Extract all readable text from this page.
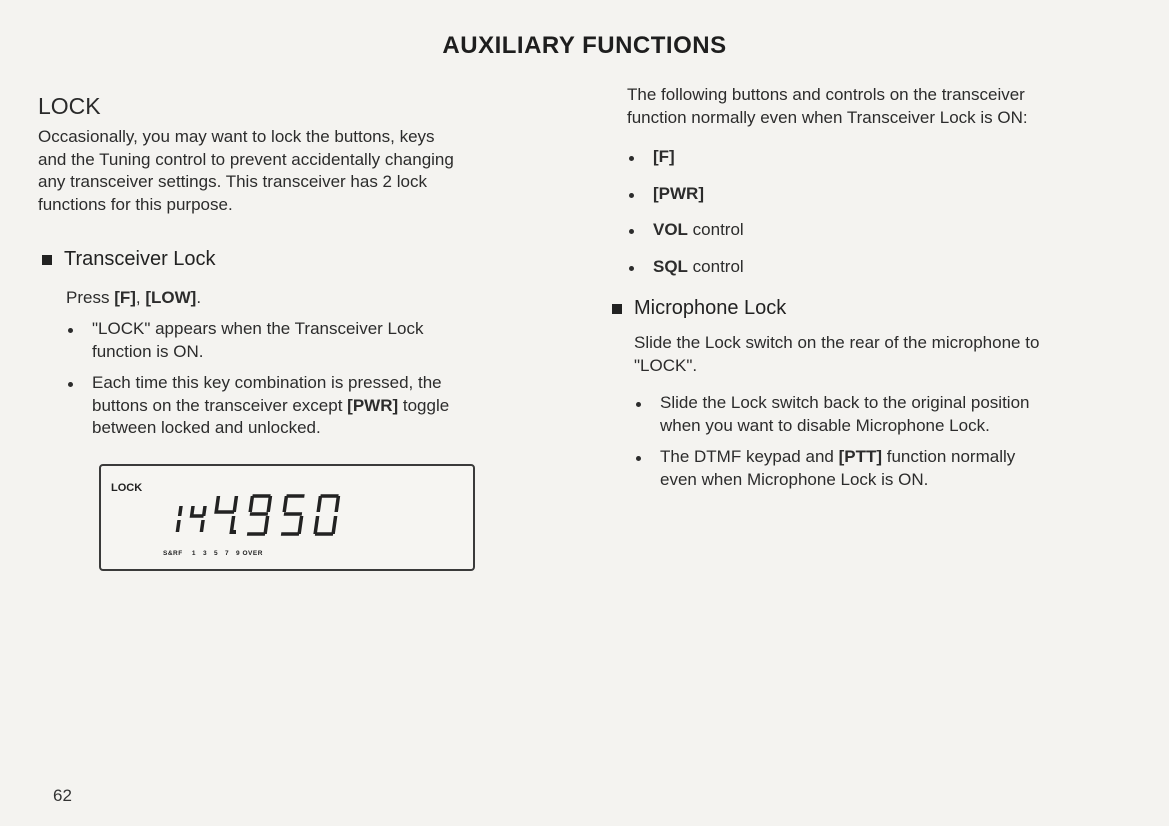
AUXILIARY FUNCTIONS
LOCK
Occasionally, you may want to lock the buttons, keys
and the Tuning control to prevent accidentally changing
any transceiver settings. This transceiver has 2 lock
functions for this purpose.
Transceiver Lock
Press [F], [LOW].
"LOCK" appears when the Transceiver Lock
function is ON.
Each time this key combination is pressed, the
buttons on the transceiver except [PWR] toggle
between locked and unlocked.
LOCK
S&RF    1   3   5   7   9 OVER
The following buttons and controls on the transceiver
function normally even when Transceiver Lock is ON:
[F]
[PWR]
VOL control
SQL control
Microphone Lock
Slide the Lock switch on the rear of the microphone to
"LOCK".
Slide the Lock switch back to the original position
when you want to disable Microphone Lock.
The DTMF keypad and [PTT] function normally
even when Microphone Lock is ON.
62
